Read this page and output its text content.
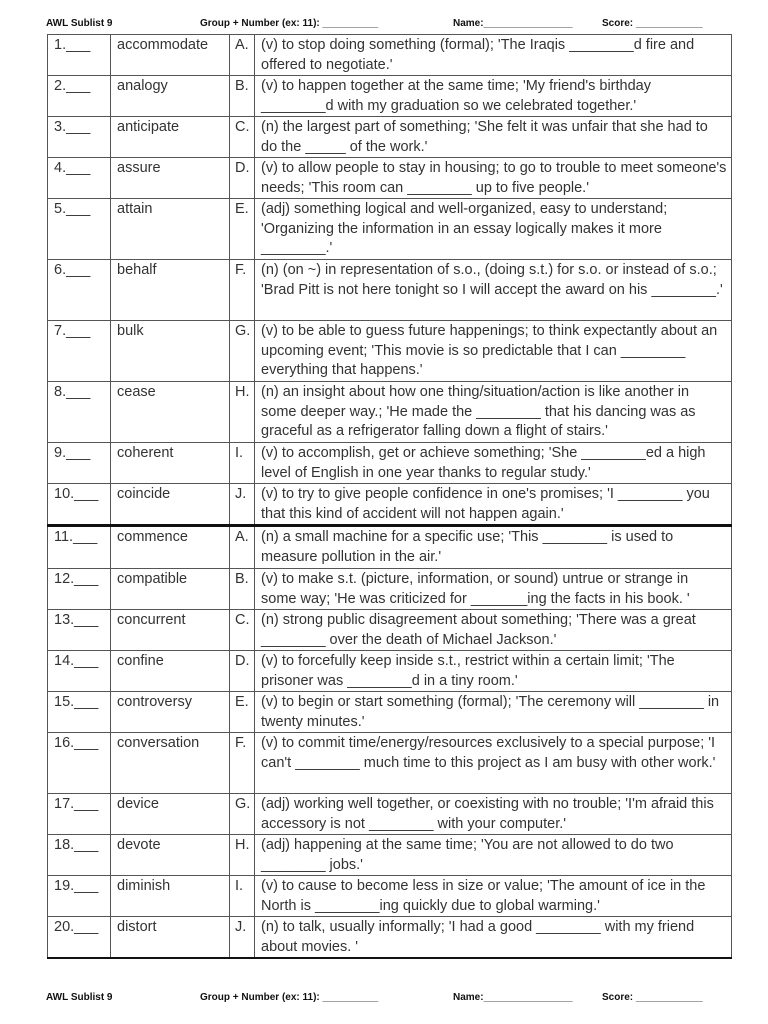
AWL Sublist 9	Group + Number (ex: 11): __________	Name:________________	Score: ____________
1.___	accommodate	A.	(v) to stop doing something (formal); 'The Iraqis ________d fire and offered to negotiate.'
2.___	analogy	B.	(v) to happen together at the same time; 'My friend's birthday ________d with my graduation so we celebrated together.'
3.___	anticipate	C.	(n) the largest part of something; 'She felt it was unfair that she had to do the _____ of the work.'
4.___	assure	D.	(v) to allow people to stay in housing; to go to trouble to meet someone's needs; 'This room can ________ up to five people.'
5.___	attain	E.	(adj) something logical and well-organized, easy to understand; 'Organizing the information in an essay logically makes it more ________.'
6.___	behalf	F.	(n) (on ~) in representation of s.o., (doing s.t.) for s.o. or instead of s.o.; 'Brad Pitt is not here tonight so I will accept the award on his ________.'
7.___	bulk	G.	(v) to be able to guess future happenings; to think expectantly about an upcoming event; 'This movie is so predictable that I can ________ everything that happens.'
8.___	cease	H.	(n) an insight about how one thing/situation/action is like another in some deeper way.; 'He made the ________ that his dancing was as graceful as a refrigerator falling down a flight of stairs.'
9.___	coherent	I.	(v) to accomplish, get or achieve something; 'She ________ed a high level of English in one year thanks to regular study.'
10.___	coincide	J.	(v) to try to give people confidence in one's promises; 'I ________ you that this kind of accident will not happen again.'
11.___	commence	A.	(n) a small machine for a specific use; 'This ________ is used to measure pollution in the air.'
12.___	compatible	B.	(v) to make s.t. (picture, information, or sound) untrue or strange in some way; 'He was criticized for _______ing the facts in his book. '
13.___	concurrent	C.	(n) strong public disagreement about something; 'There was a great ________ over the death of Michael Jackson.'
14.___	confine	D.	(v) to forcefully keep inside s.t., restrict within a certain limit; 'The prisoner was ________d in a tiny room.'
15.___	controversy	E.	(v) to begin or start something (formal); 'The ceremony will ________ in twenty minutes.'
16.___	conversation	F.	(v) to commit time/energy/resources exclusively to a special purpose; 'I can't ________ much time to this project as I am busy with other work.'
17.___	device	G.	(adj) working well together, or coexisting with no trouble; 'I'm afraid this accessory is not ________ with your computer.'
18.___	devote	H.	(adj) happening at the same time; 'You are not allowed to do two ________ jobs.'
19.___	diminish	I.	(v) to cause to become less in size or value; 'The amount of ice in the North is ________ing quickly due to global warming.'
20.___	distort	J.	(n) to talk, usually informally; 'I had a good ________ with my friend about movies. '
AWL Sublist 9	Group + Number (ex: 11): __________	Name:________________	Score: ____________
